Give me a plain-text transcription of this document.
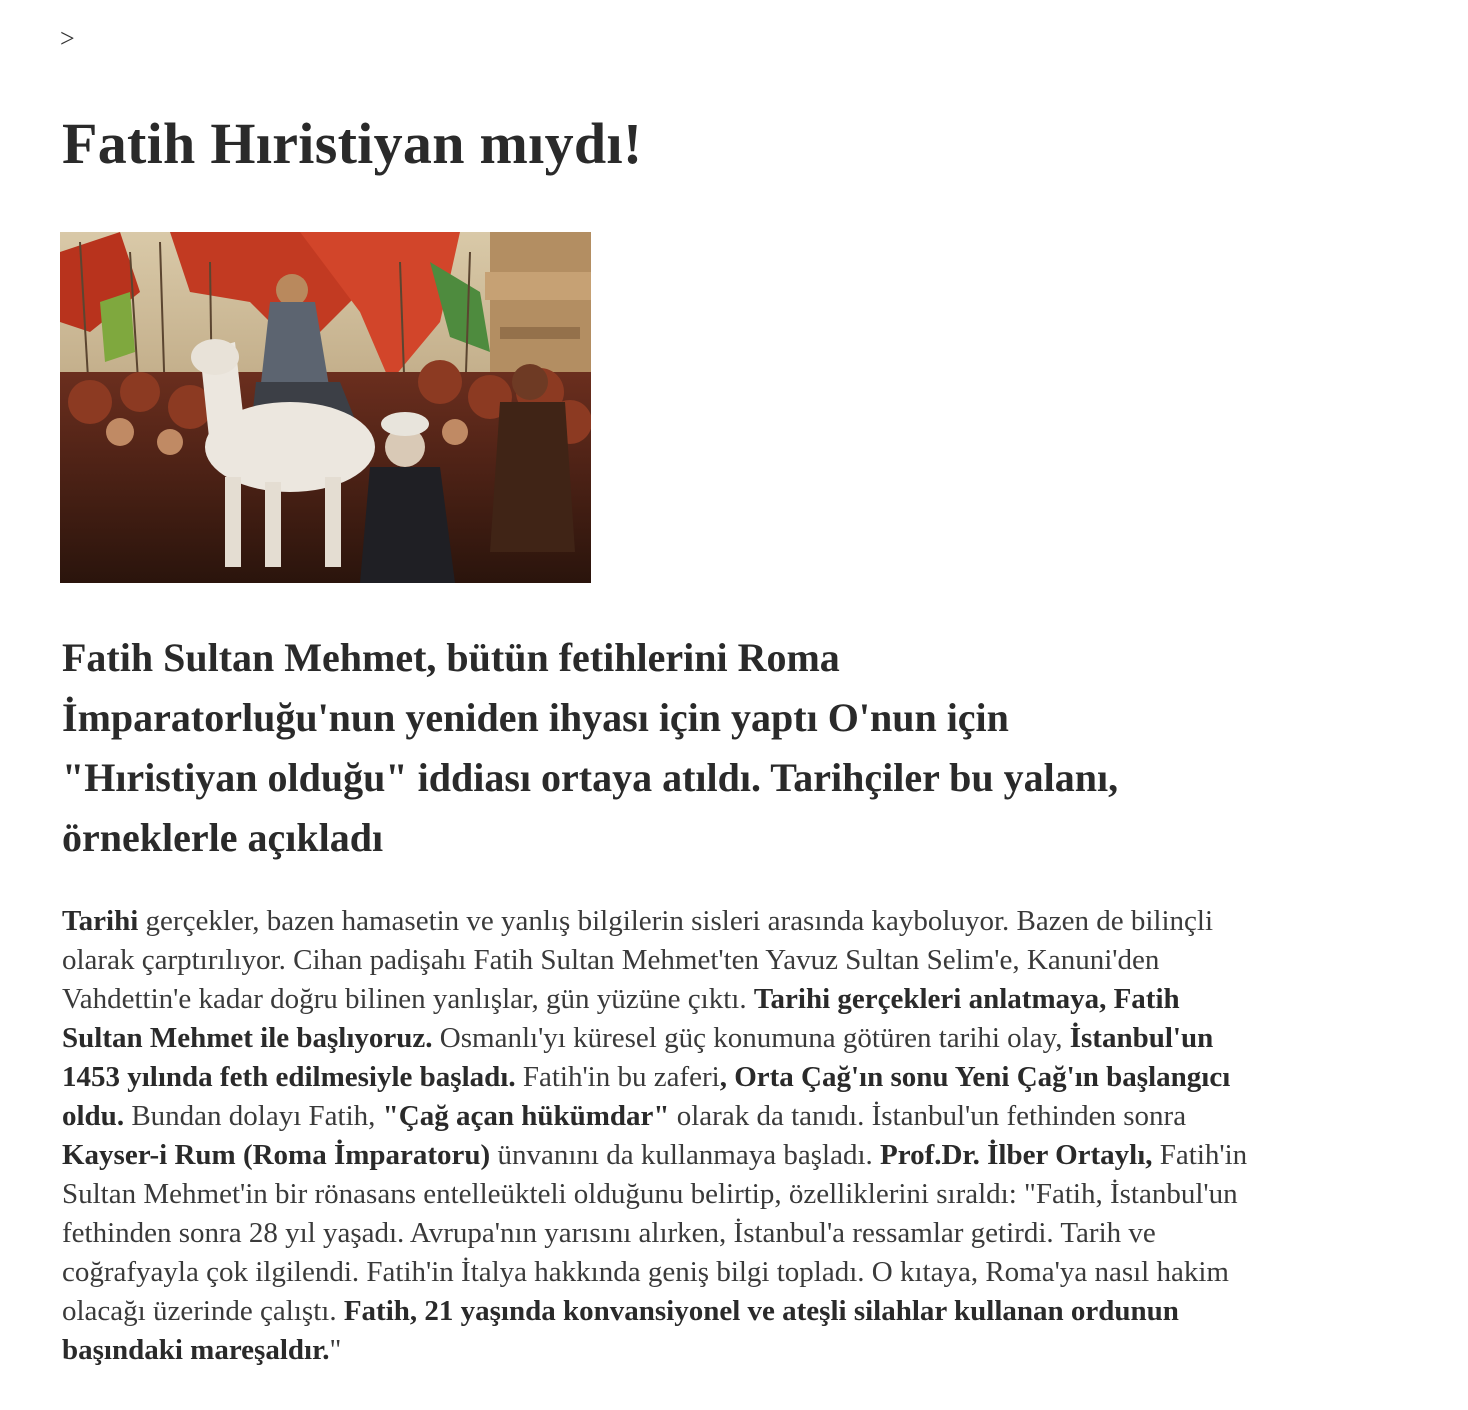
>
Fatih Hıristiyan mıydı!
Fatih Sultan Mehmet, bütün fetihlerini Roma
İmparatorluğu'nun yeniden ihyası için yaptı O'nun için
"Hıristiyan olduğu" iddiası ortaya atıldı. Tarihçiler bu yalanı,
örneklerle açıkladı
Tarihi gerçekler, bazen hamasetin ve yanlış bilgilerin sisleri arasında kayboluyor. Bazen de bilinçli
olarak çarptırılıyor. Cihan padişahı Fatih Sultan Mehmet'ten Yavuz Sultan Selim'e, Kanuni'den
Vahdettin'e kadar doğru bilinen yanlışlar, gün yüzüne çıktı. Tarihi gerçekleri anlatmaya, Fatih
Sultan Mehmet ile başlıyoruz. Osmanlı'yı küresel güç konumuna götüren tarihi olay, İstanbul'un
1453 yılında feth edilmesiyle başladı. Fatih'in bu zaferi, Orta Çağ'ın sonu Yeni Çağ'ın başlangıcı
oldu. Bundan dolayı Fatih, "Çağ açan hükümdar" olarak da tanıdı. İstanbul'un fethinden sonra
Kayser-i Rum (Roma İmparatoru) ünvanını da kullanmaya başladı. Prof.Dr. İlber Ortaylı, Fatih'in
Sultan Mehmet'in bir rönasans entelleükteli olduğunu belirtip, özelliklerini sıraldı: "Fatih, İstanbul'un
fethinden sonra 28 yıl yaşadı. Avrupa'nın yarısını alırken, İstanbul'a ressamlar getirdi. Tarih ve
coğrafyayla çok ilgilendi. Fatih'in İtalya hakkında geniş bilgi topladı. O kıtaya, Roma'ya nasıl hakim
olacağı üzerinde çalıştı. Fatih, 21 yaşında konvansiyonel ve ateşli silahlar kullanan ordunun
başındaki mareşaldır."
